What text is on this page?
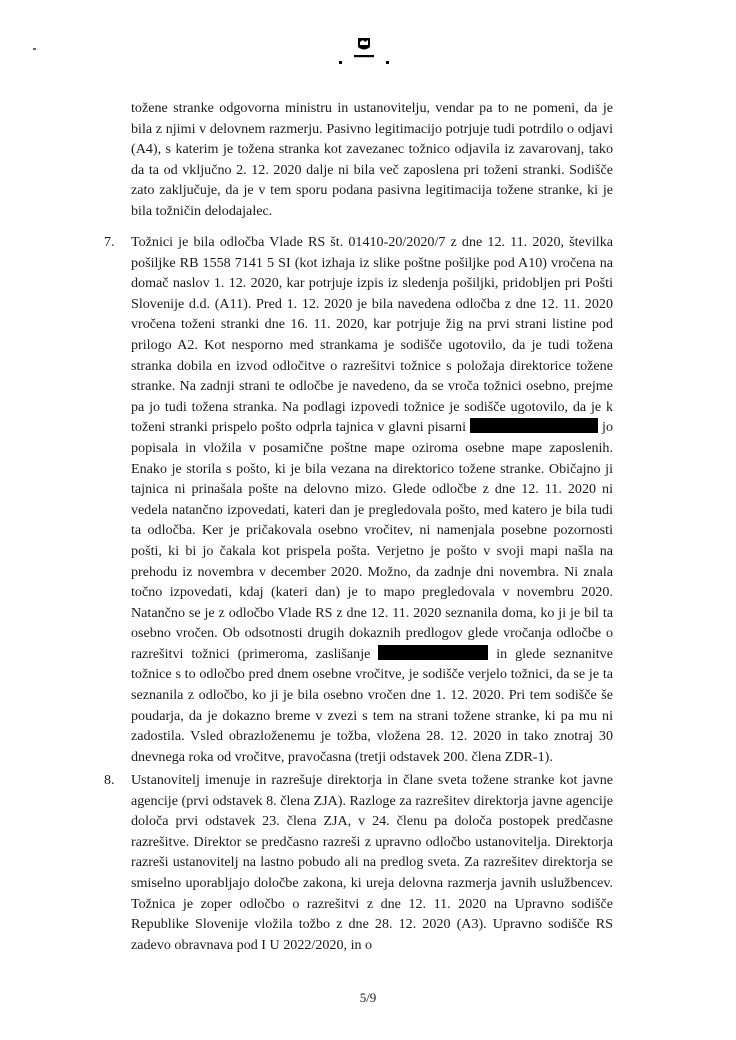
tožene stranke odgovorna ministru in ustanovitelju, vendar pa to ne pomeni, da je bila z njimi v delovnem razmerju. Pasivno legitimacijo potrjuje tudi potrdilo o odjavi (A4), s katerim je tožena stranka kot zavezanec tožnico odjavila iz zavarovanj, tako da ta od vključno 2. 12. 2020 dalje ni bila več zaposlena pri toženi stranki. Sodišče zato zaključuje, da je v tem sporu podana pasivna legitimacija tožene stranke, ki je bila tožničin delodajalec.

7. Tožnici je bila odločba Vlade RS št. 01410-20/2020/7 z dne 12. 11. 2020, številka pošiljke RB 1558 7141 5 SI (kot izhaja iz slike poštne pošiljke pod A10) vročena na domač naslov 1. 12. 2020, kar potrjuje izpis iz sledenja pošiljki, pridobljen pri Pošti Slovenije d.d. (A11). Pred 1. 12. 2020 je bila navedena odločba z dne 12. 11. 2020 vročena toženi stranki dne 16. 11. 2020, kar potrjuje žig na prvi strani listine pod prilogo A2. Kot nesporno med strankama je sodišče ugotovilo, da je tudi tožena stranka dobila en izvod odločitve o razrešitvi tožnice s položaja direktorice tožene stranke. Na zadnji strani te odločbe je navedeno, da se vroča tožnici osebno, prejme pa jo tudi tožena stranka. Na podlagi izpovedi tožnice je sodišče ugotovilo, da je k toženi stranki prispelo pošto odprla tajnica v glavni pisarni	jo popisala in vložila v posamične poštne mape oziroma osebne mape zaposlenih. Enako je storila s pošto, ki je bila vezana na direktorico tožene stranke. Običajno ji tajnica ni prinašala pošte na delovno mizo. Glede odločbe z dne 12. 11. 2020 ni vedela natančno izpovedati, kateri dan je pregledovala pošto, med katero je bila tudi ta odločba. Ker je pričakovala osebno vročitev, ni namenjala posebne pozornosti pošti, ki bi jo čakala kot prispela pošta. Verjetno je pošto v svoji mapi našla na prehodu iz novembra v december 2020. Možno, da zadnje dni novembra. Ni znala točno izpovedati, kdaj (kateri dan) je to mapo pregledovala v novembru 2020. Natančno se je z odločbo Vlade RS z dne 12. 11. 2020 seznanila doma, ko ji je bil ta osebno vročen. Ob odsotnosti drugih dokaznih predlogov glede vročanja odločbe o razrešitvi tožnici (primeroma, zaslišanje	in glede seznanitve tožnice s to odločbo pred dnem osebne vročitve, je sodišče verjelo tožnici, da se je ta seznanila z odločbo, ko ji je bila osebno vročen dne 1. 12. 2020. Pri tem sodišče še poudarja, da je dokazno breme v zvezi s tem na strani tožene stranke, ki pa mu ni zadostila. Vsled obrazloženemu je tožba, vložena 28. 12. 2020 in tako znotraj 30 dnevnega roka od vročitve, pravočasna (tretji odstavek 200. člena ZDR-1).

8. Ustanovitelj imenuje in razrešuje direktorja in člane sveta tožene stranke kot javne agencije (prvi odstavek 8. člena ZJA). Razloge za razrešitev direktorja javne agencije določa prvi odstavek 23. člena ZJA, v 24. členu pa določa postopek predčasne razrešitve. Direktor se predčasno razreši z upravno odločbo ustanovitelja. Direktorja razreši ustanovitelj na lastno pobudo ali na predlog sveta. Za razrešitev direktorja se smiselno uporabljajo določbe zakona, ki ureja delovna razmerja javnih uslužbencev. Tožnica je zoper odločbo o razrešitvi z dne 12. 11. 2020 na Upravno sodišče Republike Slovenije vložila tožbo z dne 28. 12. 2020 (A3). Upravno sodišče RS zadevo obravnava pod I U 2022/2020, in o

5/9
